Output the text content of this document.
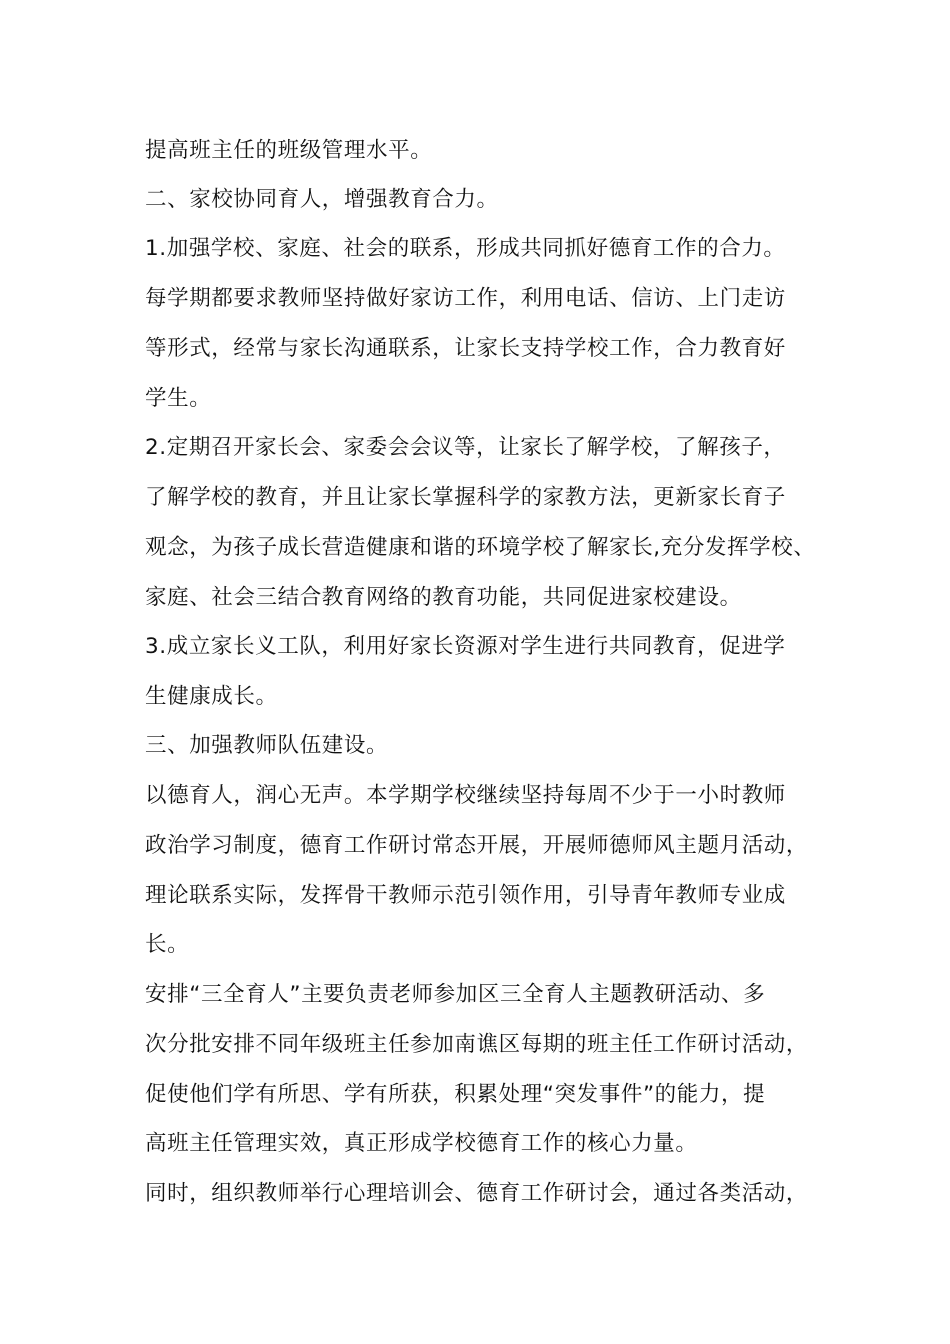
提高班主任的班级管理水平。
二、家校协同育人，增强教育合力。
1.加强学校、家庭、社会的联系，形成共同抓好德育工作的合力。
每学期都要求教师坚持做好家访工作，利用电话、信访、上门走访
等形式，经常与家长沟通联系，让家长支持学校工作，合力教育好
学生。
2.定期召开家长会、家委会会议等，让家长了解学校，了解孩子，
了解学校的教育，并且让家长掌握科学的家教方法，更新家长育子
观念，为孩子成长营造健康和谐的环境学校了解家长,充分发挥学校、
家庭、社会三结合教育网络的教育功能，共同促进家校建设。
3.成立家长义工队，利用好家长资源对学生进行共同教育，促进学
生健康成长。
三、加强教师队伍建设。
以德育人，润心无声。本学期学校继续坚持每周不少于一小时教师
政治学习制度，德育工作研讨常态开展，开展师德师风主题月活动，
理论联系实际，发挥骨干教师示范引领作用，引导青年教师专业成
长。
安排“三全育人”主要负责老师参加区三全育人主题教研活动、多
次分批安排不同年级班主任参加南谯区每期的班主任工作研讨活动，
促使他们学有所思、学有所获，积累处理“突发事件”的能力，提
高班主任管理实效，真正形成学校德育工作的核心力量。
同时，组织教师举行心理培训会、德育工作研讨会，通过各类活动，
